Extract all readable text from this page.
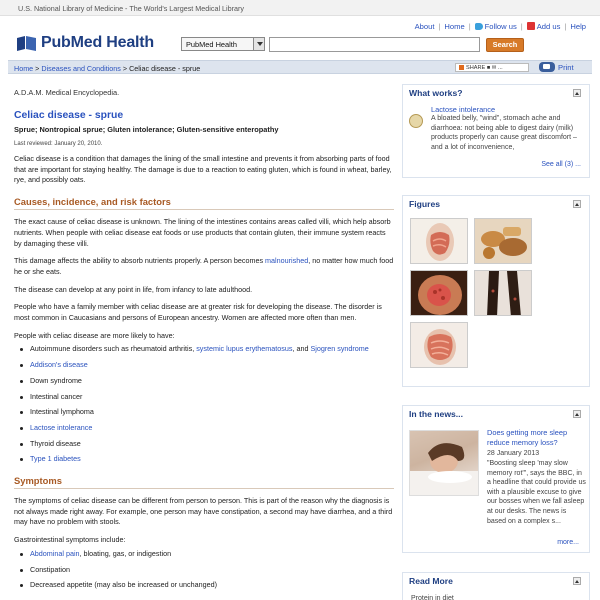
U.S. National Library of Medicine - The World's Largest Medical Library
About | Home |	Follow us |	Add us | Help
PubMed Health	PubMed Health	Search
Home > Diseases and Conditions > Celiac disease - sprue	SHARE ■ ✉ ...	Print
A.D.A.M. Medical Encyclopedia.
Celiac disease - sprue
Sprue; Nontropical sprue; Gluten intolerance; Gluten-sensitive enteropathy
Last reviewed: January 20, 2010.

Celiac disease is a condition that damages the lining of the small intestine and prevents it from absorbing parts of food that are important for staying healthy. The damage is due to a reaction to eating gluten, which is found in wheat, barley, rye, and possibly oats.

Causes, incidence, and risk factors

The exact cause of celiac disease is unknown. The lining of the intestines contains areas called villi, which help absorb nutrients. When people with celiac disease eat foods or use products that contain gluten, their immune system reacts by damaging these villi.

This damage affects the ability to absorb nutrients properly. A person becomes malnourished, no matter how much food he or she eats.

The disease can develop at any point in life, from infancy to late adulthood.

People who have a family member with celiac disease are at greater risk for developing the disease. The disorder is most common in Caucasians and persons of European ancestry. Women are affected more often than men.

People with celiac disease are more likely to have:

Autoimmune disorders such as rheumatoid arthritis, systemic lupus erythematosus, and Sjogren syndrome
Addison's disease
Down syndrome
Intestinal cancer
Intestinal lymphoma
Lactose intolerance
Thyroid disease
Type 1 diabetes
Symptoms

The symptoms of celiac disease can be different from person to person. This is part of the reason why the diagnosis is not always made right away. For example, one person may have constipation, a second may have diarrhea, and a third may have no problem with stools.

Gastrointestinal symptoms include:

Abdominal pain, bloating, gas, or indigestion
Constipation
Decreased appetite (may also be increased or unchanged)
What works?
Lactose intolerance
A bloated belly, "wind", stomach ache and diarrhoea: not being able to digest dairy (milk) products properly can cause great discomfort – and a lot of inconvenience,
See all (3) ...
Figures
In the news...
Does getting more sleep reduce memory loss?
28 January 2013
"Boosting sleep 'may slow memory rot'", says the BBC, in a headline that could provide us with a plausible excuse to give our bosses when we fall asleep at our desks. The news is based on a complex s...
more...
Read More
Protein in diet
